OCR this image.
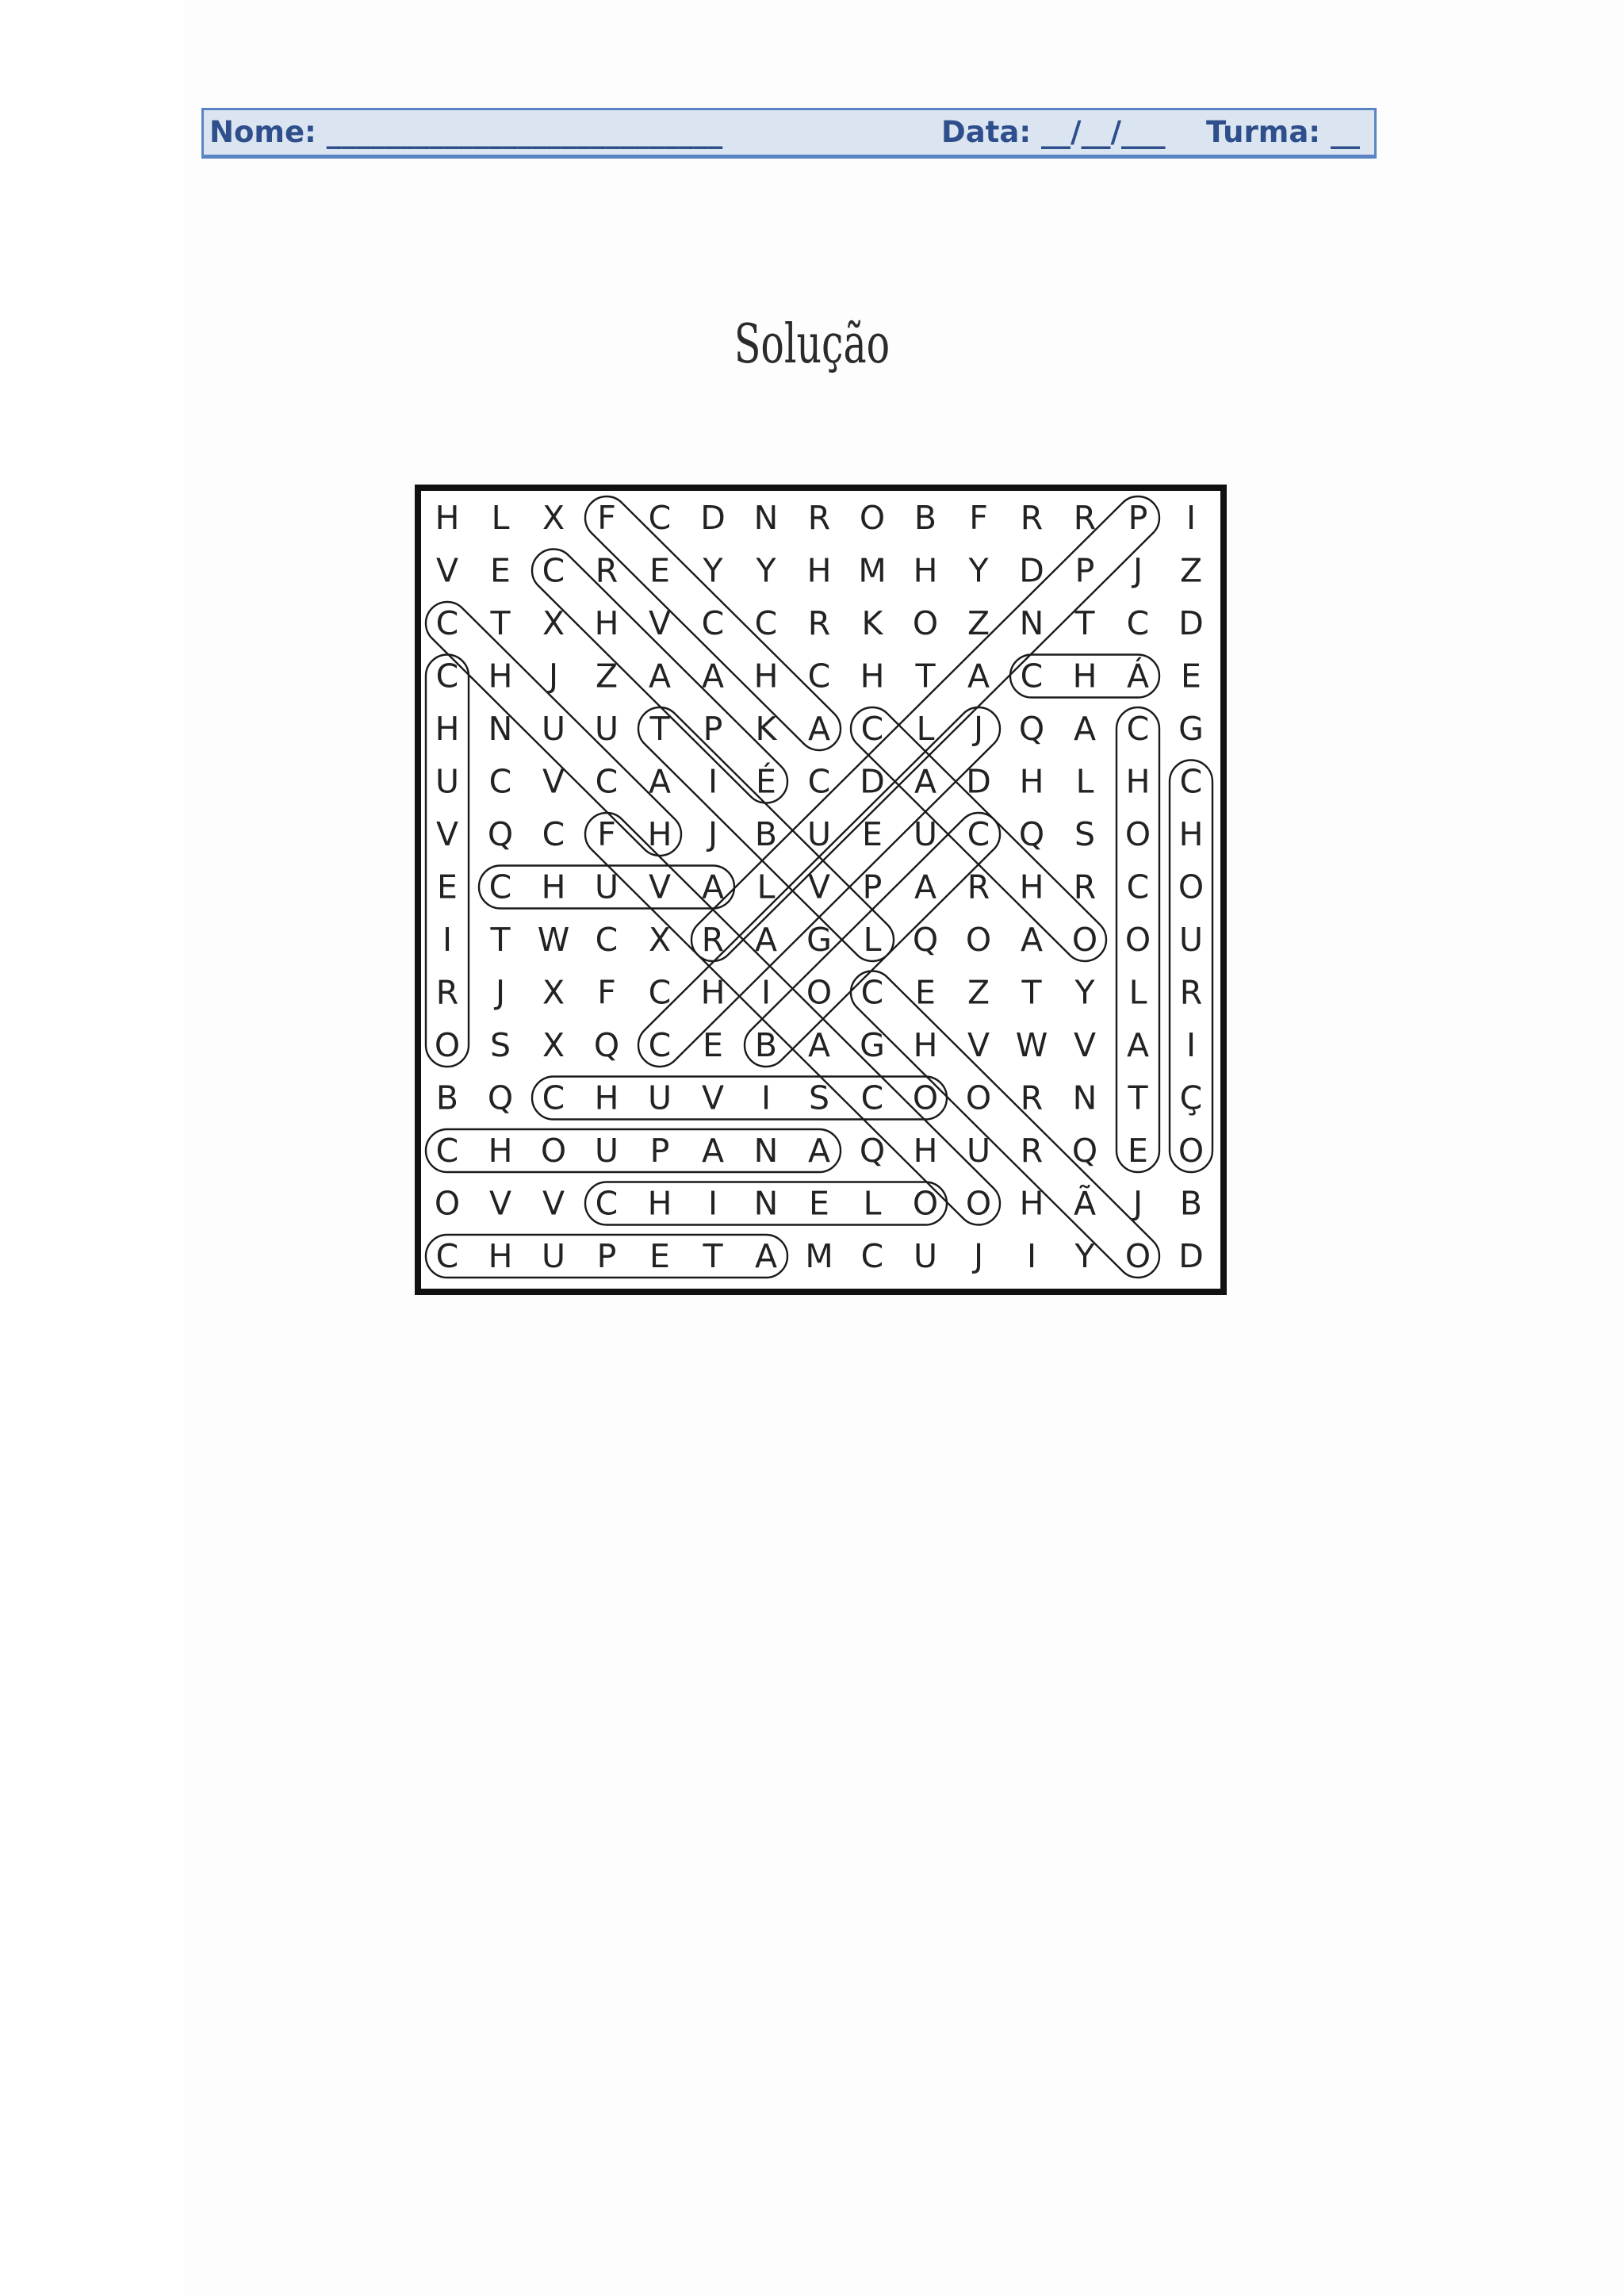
Nome: ___________________________	Data: __/__/___ Turma: __
Solução
H L X F C D N R O B F R R P I
V E C R E Y Y H M H Y D P J Z
C T X H V C C R K O Z N T C D
C H J Z A A H C H T A C H Á E
H N U U T P K A C L J Q A C G
U C V C A I É C D A D H L H C
V Q C F H J B U E U C Q S O H
E C H U V A L V P A R H R C O
I T W C X R A G L Q O A O O U
R J X F C H I O C E Z T Y L R
O S X Q C E B A G H V W V A I
B Q C H U V I S C O O R N T Ç
C H O U P A N A Q H U R Q E O
O V V C H I N E L O O H Ã J B
C H U P E T A M C U J I Y O D
